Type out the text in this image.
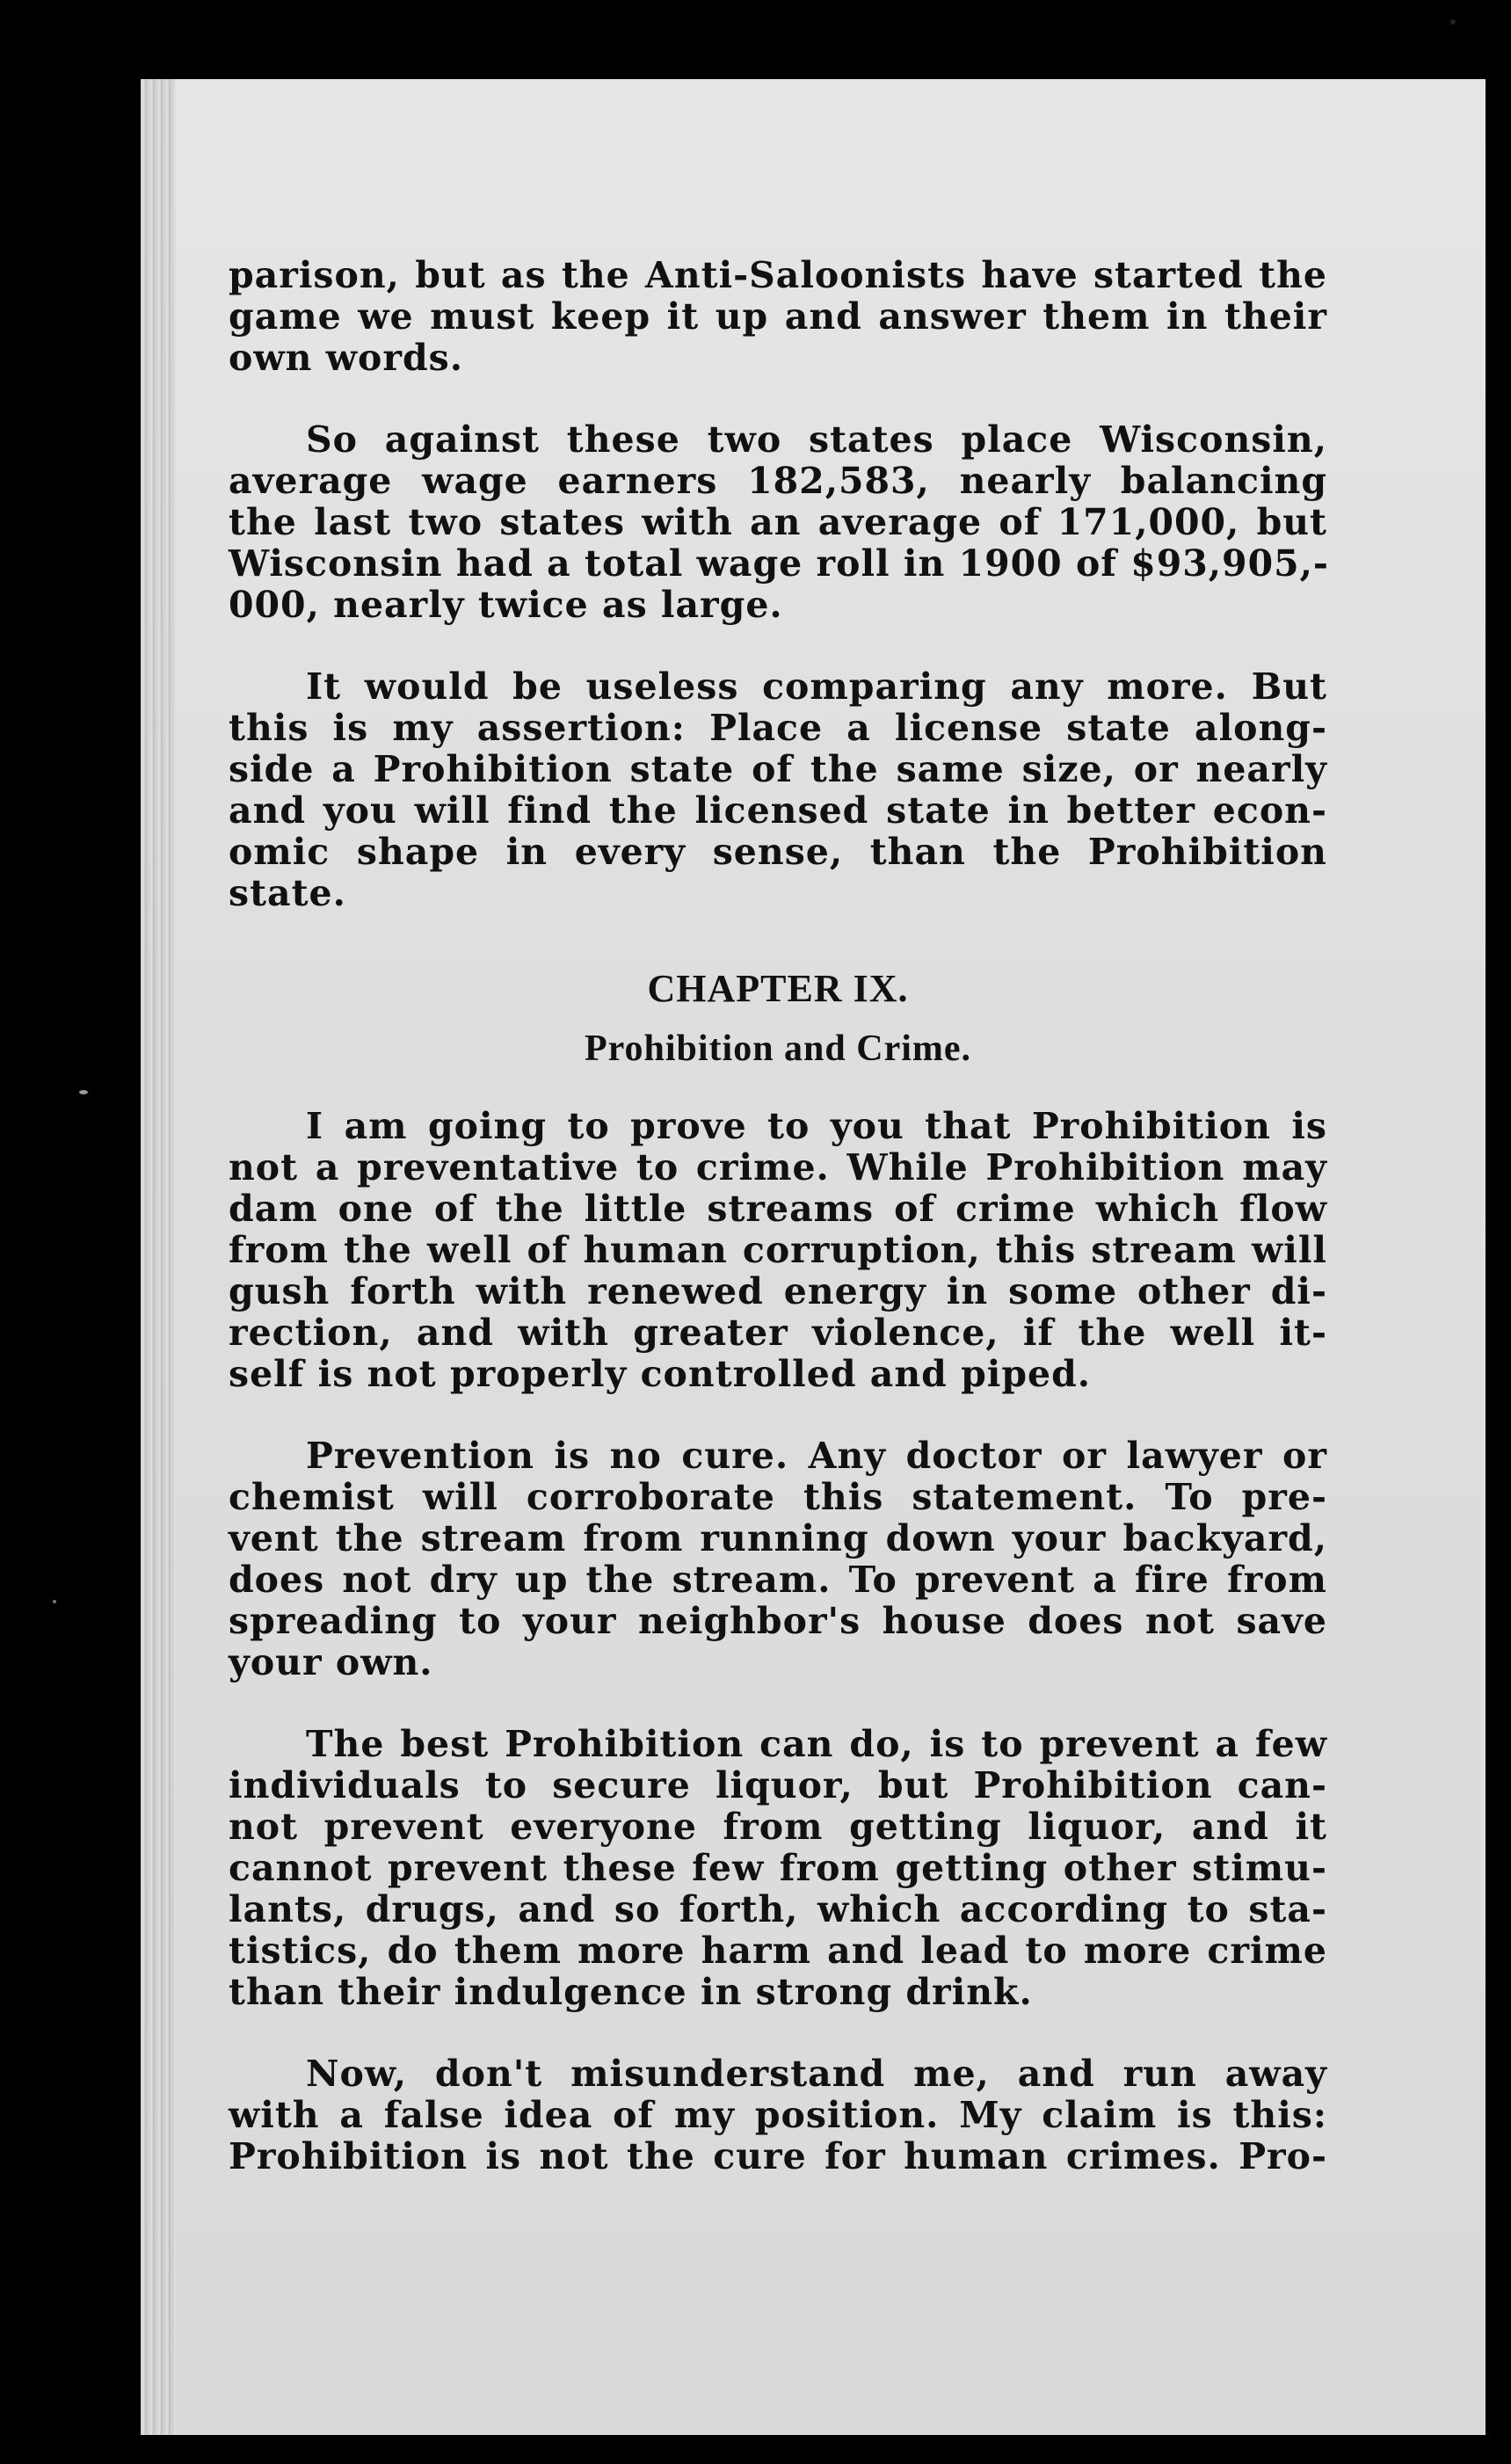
parison, but as the Anti-Saloonists have started the
game we must keep it up and answer them in their
own words.
So against these two states place Wisconsin,
average wage earners 182,583, nearly balancing
the last two states with an average of 171,000, but
Wisconsin had a total wage roll in 1900 of $93,905,-
000, nearly twice as large.
It would be useless comparing any more. But
this is my assertion: Place a license state along-
side a Prohibition state of the same size, or nearly
and you will find the licensed state in better econ-
omic shape in every sense, than the Prohibition
state.
CHAPTER IX.
Prohibition and Crime.
I am going to prove to you that Prohibition is
not a preventative to crime. While Prohibition may
dam one of the little streams of crime which flow
from the well of human corruption, this stream will
gush forth with renewed energy in some other di-
rection, and with greater violence, if the well it-
self is not properly controlled and piped.
Prevention is no cure. Any doctor or lawyer or
chemist will corroborate this statement. To pre-
vent the stream from running down your backyard,
does not dry up the stream. To prevent a fire from
spreading to your neighbor's house does not save
your own.
The best Prohibition can do, is to prevent a few
individuals to secure liquor, but Prohibition can-
not prevent everyone from getting liquor, and it
cannot prevent these few from getting other stimu-
lants, drugs, and so forth, which according to sta-
tistics, do them more harm and lead to more crime
than their indulgence in strong drink.
Now, don't misunderstand me, and run away
with a false idea of my position. My claim is this:
Prohibition is not the cure for human crimes. Pro-
